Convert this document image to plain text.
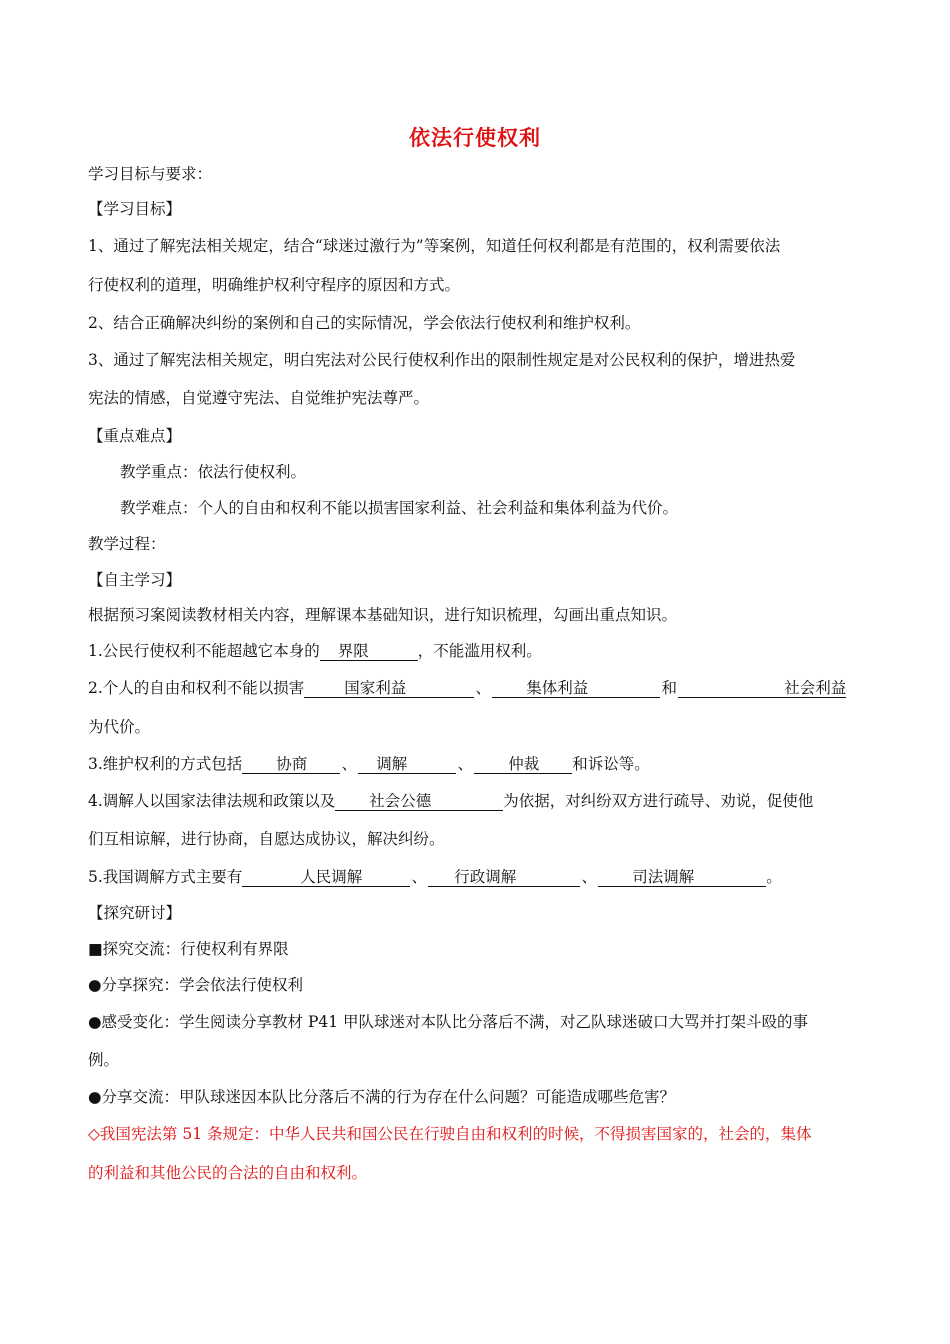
依法行使权利
学习目标与要求：
【学习目标】
1、通过了解宪法相关规定，结合“球迷过激行为”等案例，知道任何权利都是有范围的，权利需要依法
行使权利的道理，明确维护权利守程序的原因和方式。
2、结合正确解决纠纷的案例和自己的实际情况，学会依法行使权利和维护权利。
3、通过了解宪法相关规定，明白宪法对公民行使权利作出的限制性规定是对公民权利的保护，增进热爱
宪法的情感，自觉遵守宪法、自觉维护宪法尊严。
【重点难点】
教学重点：依法行使权利。
教学难点：个人的自由和权利不能以损害国家利益、社会利益和集体利益为代价。
教学过程：
【自主学习】
根据预习案阅读教材相关内容，理解课本基础知识，进行知识梳理，勾画出重点知识。
1.公民行使权利不能超越它本身的 界限	，不能滥用权利。
2.个人的自由和权利不能以损害	国家利益	、 集体利益	和	社会利益
为代价。
3.维护权利的方式包括 协商 、 调解	、 仲裁 和诉讼等。
4.调解人以国家法律法规和政策以及 社会公德	为依据，对纠纷双方进行疏导、劝说，促使他
们互相谅解，进行协商，自愿达成协议，解决纠纷。
5.我国调解方式主要有	人民调解	、 行政调解	、 司法调解	。
【探究研讨】
■探究交流：行使权利有界限
●分享探究：学会依法行使权利
●感受变化：学生阅读分享教材 P41 甲队球迷对本队比分落后不满，对乙队球迷破口大骂并打架斗殴的事
例。
●分享交流：甲队球迷因本队比分落后不满的行为存在什么问题？可能造成哪些危害？
◇我国宪法第 51 条规定：中华人民共和国公民在行驶自由和权利的时候，不得损害国家的，社会的，集体
的利益和其他公民的合法的自由和权利。
